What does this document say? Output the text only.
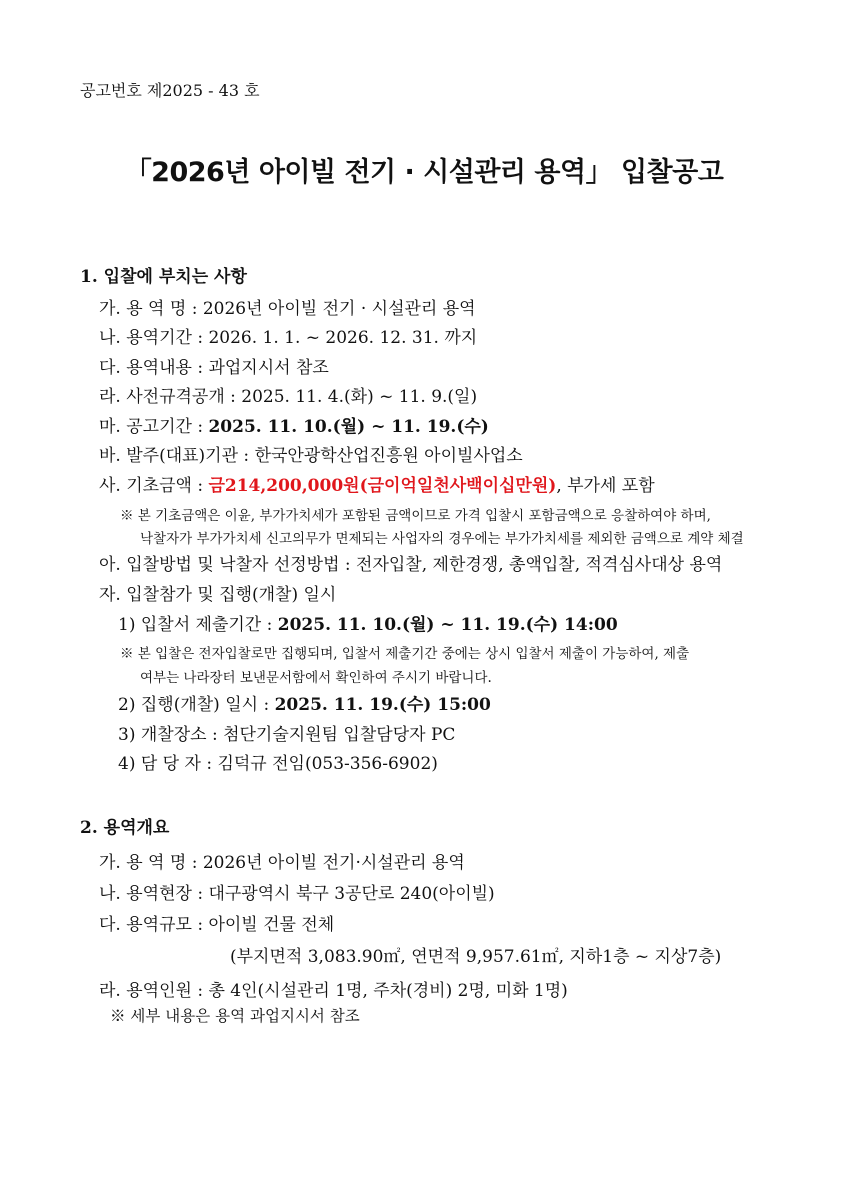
공고번호 제2025 - 43 호
「2026년 아이빌 전기 · 시설관리 용역」 입찰공고
1. 입찰에 부치는 사항
가. 용 역 명 : 2026년 아이빌 전기 · 시설관리 용역
나. 용역기간 : 2026. 1. 1. ~ 2026. 12. 31. 까지
다. 용역내용 : 과업지시서 참조
라. 사전규격공개 : 2025. 11. 4.(화) ~ 11. 9.(일)
마. 공고기간 : 2025. 11. 10.(월) ~ 11. 19.(수)
바. 발주(대표)기관 : 한국안광학산업진흥원 아이빌사업소
사. 기초금액 : 금214,200,000원(금이억일천사백이십만원), 부가세 포함
※ 본 기초금액은 이윤, 부가가치세가 포함된 금액이므로 가격 입찰시 포함금액으로 응찰하여야 하며,
낙찰자가 부가가치세 신고의무가 면제되는 사업자의 경우에는 부가가치세를 제외한 금액으로 계약 체결
아. 입찰방법 및 낙찰자 선정방법 : 전자입찰, 제한경쟁, 총액입찰, 적격심사대상 용역
자. 입찰참가 및 집행(개찰) 일시
1) 입찰서 제출기간 : 2025. 11. 10.(월) ~ 11. 19.(수) 14:00
※ 본 입찰은 전자입찰로만 집행되며, 입찰서 제출기간 중에는 상시 입찰서 제출이 가능하여, 제출
여부는 나라장터 보낸문서함에서 확인하여 주시기 바랍니다.
2) 집행(개찰) 일시 : 2025. 11. 19.(수) 15:00
3) 개찰장소 : 첨단기술지원팀 입찰담당자 PC
4) 담 당 자 : 김덕규 전임(053-356-6902)
2. 용역개요
가. 용 역 명 : 2026년 아이빌 전기·시설관리 용역
나. 용역현장 : 대구광역시 북구 3공단로 240(아이빌)
다. 용역규모 : 아이빌 건물 전체
(부지면적 3,083.90㎡, 연면적 9,957.61㎡, 지하1층 ~ 지상7층)
라. 용역인원 : 총 4인(시설관리 1명, 주차(경비) 2명, 미화 1명)
※ 세부 내용은 용역 과업지시서 참조
